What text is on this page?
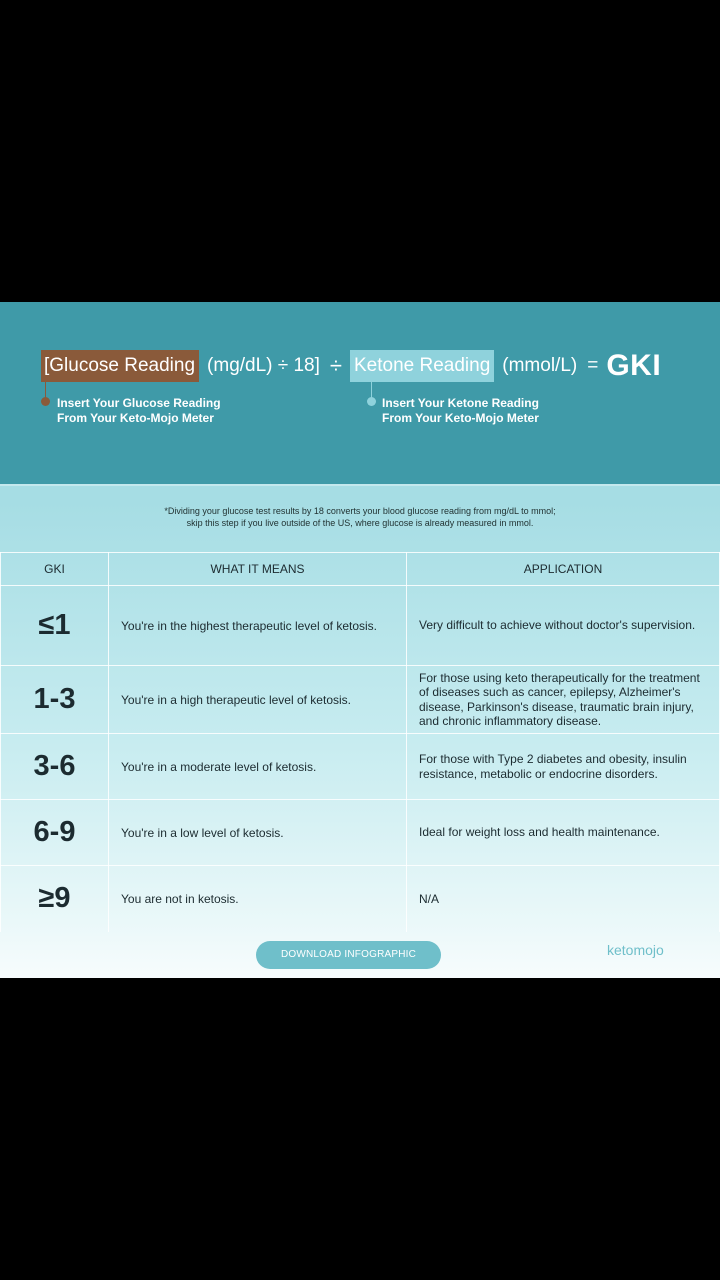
[Glucose Reading (mg/dL) ÷ 18] ÷ Ketone Reading (mmol/L) = GKI
Insert Your Glucose Reading
From Your Keto-Mojo Meter
Insert Your Ketone Reading
From Your Keto-Mojo Meter
*Dividing your glucose test results by 18 converts your blood glucose reading from mg/dL to mmol;
skip this step if you live outside of the US, where glucose is already measured in mmol.
GKI	WHAT IT MEANS	APPLICATION
≤1	You're in the highest therapeutic level of ketosis.	Very difficult to achieve without doctor's supervision.
1-3	You're in a high therapeutic level of ketosis.	For those using keto therapeutically for the treatment of diseases such as cancer, epilepsy, Alzheimer's disease, Parkinson's disease, traumatic brain injury, and chronic inflammatory disease.
3-6	You're in a moderate level of ketosis.	For those with Type 2 diabetes and obesity, insulin resistance, metabolic or endocrine disorders.
6-9	You're in a low level of ketosis.	Ideal for weight loss and health maintenance.
≥9	You are not in ketosis.	N/A
DOWNLOAD INFOGRAPHIC	ketomojo
